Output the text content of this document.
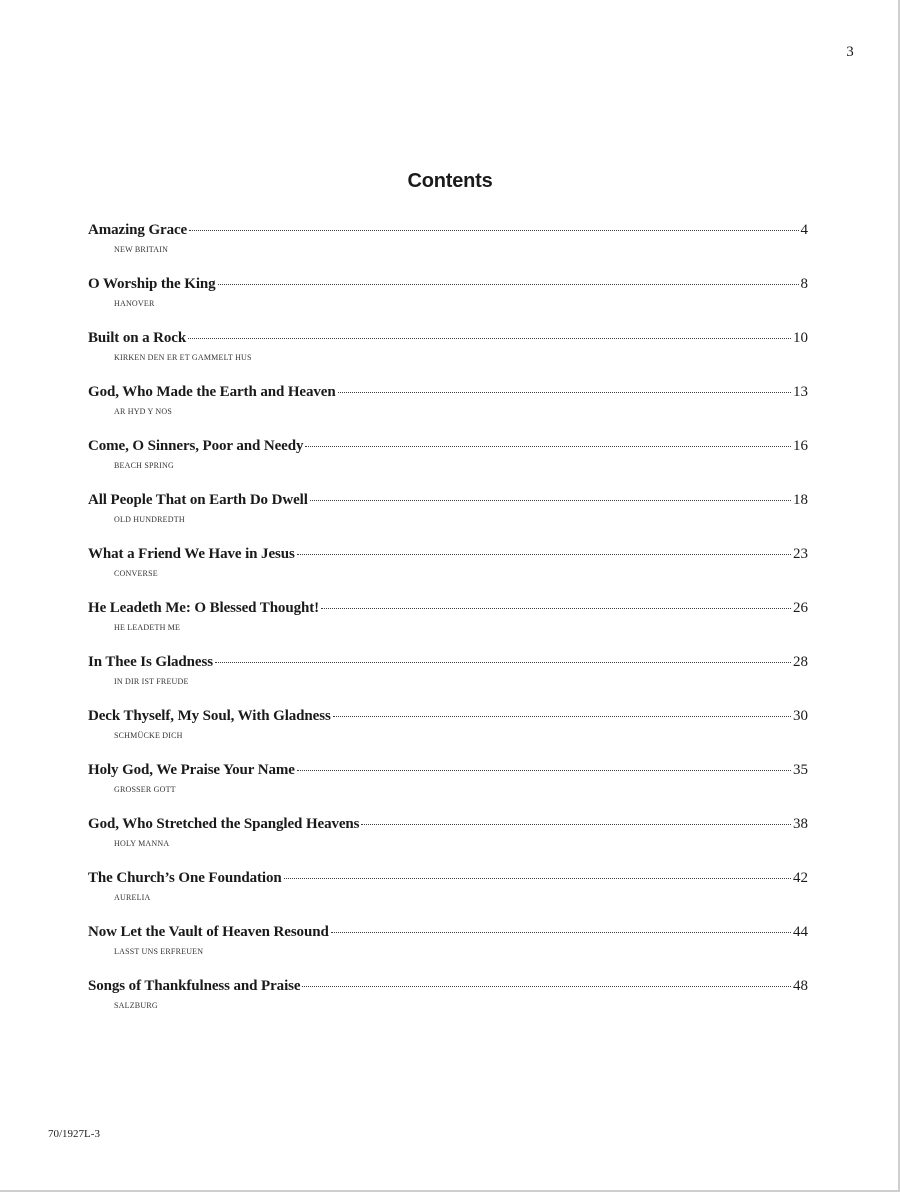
3
Contents
Amazing Grace	4
NEW BRITAIN
O Worship the King	8
HANOVER
Built on a Rock	10
KIRKEN DEN ER ET GAMMELT HUS
God, Who Made the Earth and Heaven	13
AR HYD Y NOS
Come, O Sinners, Poor and Needy	16
BEACH SPRING
All People That on Earth Do Dwell	18
OLD HUNDREDTH
What a Friend We Have in Jesus	23
CONVERSE
He Leadeth Me: O Blessed Thought!	26
HE LEADETH ME
In Thee Is Gladness	28
IN DIR IST FREUDE
Deck Thyself, My Soul, With Gladness	30
SCHMÜCKE DICH
Holy God, We Praise Your Name	35
GROSSER GOTT
God, Who Stretched the Spangled Heavens	38
HOLY MANNA
The Church’s One Foundation	42
AURELIA
Now Let the Vault of Heaven Resound	44
LASST UNS ERFREUEN
Songs of Thankfulness and Praise	48
SALZBURG
70/1927L-3
